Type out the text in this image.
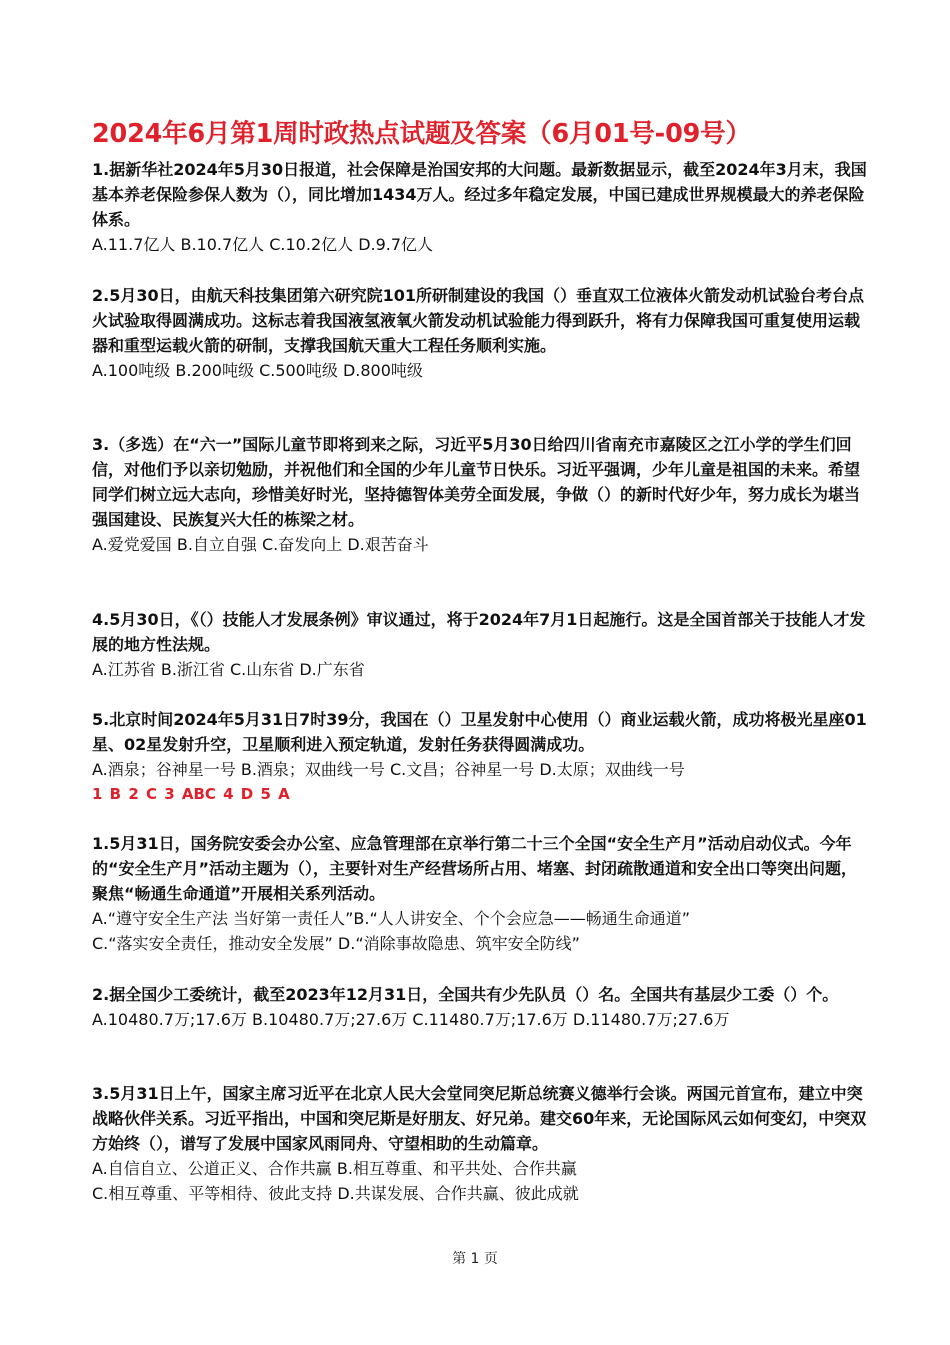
2024年6月第1周时政热点试题及答案（6月01号-09号）

1.据新华社2024年5月30日报道，社会保障是治国安邦的大问题。最新数据显示，截至2024年3月末，我国基本养老保险参保人数为（），同比增加1434万人。经过多年稳定发展，中国已建成世界规模最大的养老保险体系。

A.11.7亿人 B.10.7亿人 C.10.2亿人 D.9.7亿人

2.5月30日，由航天科技集团第六研究院101所研制建设的我国（）垂直双工位液体火箭发动机试验台考台点火试验取得圆满成功。这标志着我国液氢液氧火箭发动机试验能力得到跃升，将有力保障我国可重复使用运载器和重型运载火箭的研制，支撑我国航天重大工程任务顺利实施。

A.100吨级 B.200吨级 C.500吨级 D.800吨级

3.（多选）在“六一”国际儿童节即将到来之际，习近平5月30日给四川省南充市嘉陵区之江小学的学生们回信，对他们予以亲切勉励，并祝他们和全国的少年儿童节日快乐。习近平强调，少年儿童是祖国的未来。希望同学们树立远大志向，珍惜美好时光，坚持德智体美劳全面发展，争做（）的新时代好少年，努力成长为堪当强国建设、民族复兴大任的栋梁之材。

A.爱党爱国 B.自立自强 C.奋发向上 D.艰苦奋斗

4.5月30日，《（）技能人才发展条例》审议通过，将于2024年7月1日起施行。这是全国首部关于技能人才发展的地方性法规。

A.江苏省 B.浙江省 C.山东省 D.广东省

5.北京时间2024年5月31日7时39分，我国在（）卫星发射中心使用（）商业运载火箭，成功将极光星座01星、02星发射升空，卫星顺利进入预定轨道，发射任务获得圆满成功。

A.酒泉；谷神星一号 B.酒泉；双曲线一号 C.文昌；谷神星一号 D.太原；双曲线一号

1 B 2 C 3 ABC 4 D 5 A

1.5月31日，国务院安委会办公室、应急管理部在京举行第二十三个全国“安全生产月”活动启动仪式。今年的“安全生产月”活动主题为（），主要针对生产经营场所占用、堵塞、封闭疏散通道和安全出口等突出问题，聚焦“畅通生命通道”开展相关系列活动。

A.“遵守安全生产法 当好第一责任人”B.“人人讲安全、个个会应急——畅通生命通道”

C.“落实安全责任，推动安全发展” D.“消除事故隐患、筑牢安全防线”

2.据全国少工委统计，截至2023年12月31日，全国共有少先队员（）名。全国共有基层少工委（）个。

A.10480.7万;17.6万 B.10480.7万;27.6万 C.11480.7万;17.6万 D.11480.7万;27.6万

3.5月31日上午，国家主席习近平在北京人民大会堂同突尼斯总统赛义德举行会谈。两国元首宣布，建立中突战略伙伴关系。习近平指出，中国和突尼斯是好朋友、好兄弟。建交60年来，无论国际风云如何变幻，中突双方始终（），谱写了发展中国家风雨同舟、守望相助的生动篇章。

A.自信自立、公道正义、合作共赢 B.相互尊重、和平共处、合作共赢

C.相互尊重、平等相待、彼此支持 D.共谋发展、合作共赢、彼此成就

第 1 页
